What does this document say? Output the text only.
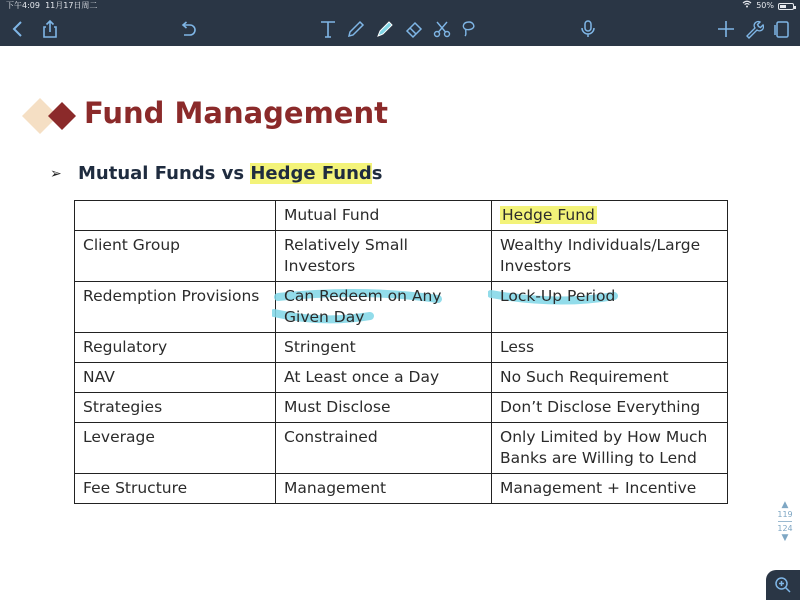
下午4:09 11月17日周二	50%
Fund Management
➢ Mutual Funds vs Hedge Funds
	Mutual Fund	Hedge Fund
Client Group	Relatively Small Investors	Wealthy Individuals/Large Investors
Redemption Provisions	Can Redeem on Any Given Day	Lock-Up Period
Regulatory	Stringent	Less
NAV	At Least once a Day	No Such Requirement
Strategies	Must Disclose	Don’t Disclose Everything
Leverage	Constrained	Only Limited by How Much Banks are Willing to Lend
Fee Structure	Management	Management + Incentive
▲
119
124
▼
